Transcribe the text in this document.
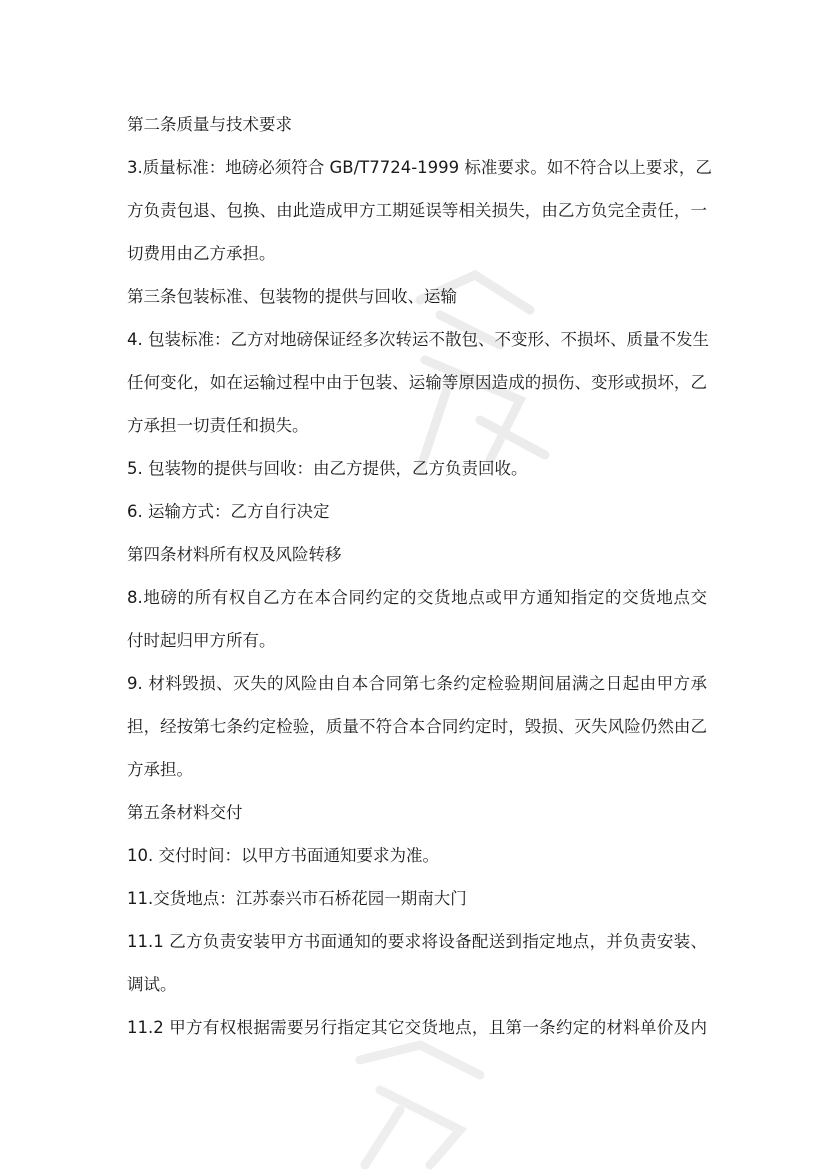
第二条质量与技术要求
3.质量标准：地磅必须符合 GB/T7724-1999 标准要求。如不符合以上要求，乙
方负责包退、包换、由此造成甲方工期延误等相关损失，由乙方负完全责任，一
切费用由乙方承担。
第三条包装标准、包装物的提供与回收、运输
4. 包装标准：乙方对地磅保证经多次转运不散包、不变形、不损坏、质量不发生
任何变化，如在运输过程中由于包装、运输等原因造成的损伤、变形或损坏，乙
方承担一切责任和损失。
5. 包装物的提供与回收：由乙方提供，乙方负责回收。
6. 运输方式：乙方自行决定
第四条材料所有权及风险转移
8.地磅的所有权自乙方在本合同约定的交货地点或甲方通知指定的交货地点交
付时起归甲方所有。
9. 材料毁损、灭失的风险由自本合同第七条约定检验期间届满之日起由甲方承
担，经按第七条约定检验，质量不符合本合同约定时，毁损、灭失风险仍然由乙
方承担。
第五条材料交付
10. 交付时间：以甲方书面通知要求为准。
11.交货地点：江苏泰兴市石桥花园一期南大门
11.1 乙方负责安装甲方书面通知的要求将设备配送到指定地点，并负责安装、
调试。
11.2 甲方有权根据需要另行指定其它交货地点，且第一条约定的材料单价及内
